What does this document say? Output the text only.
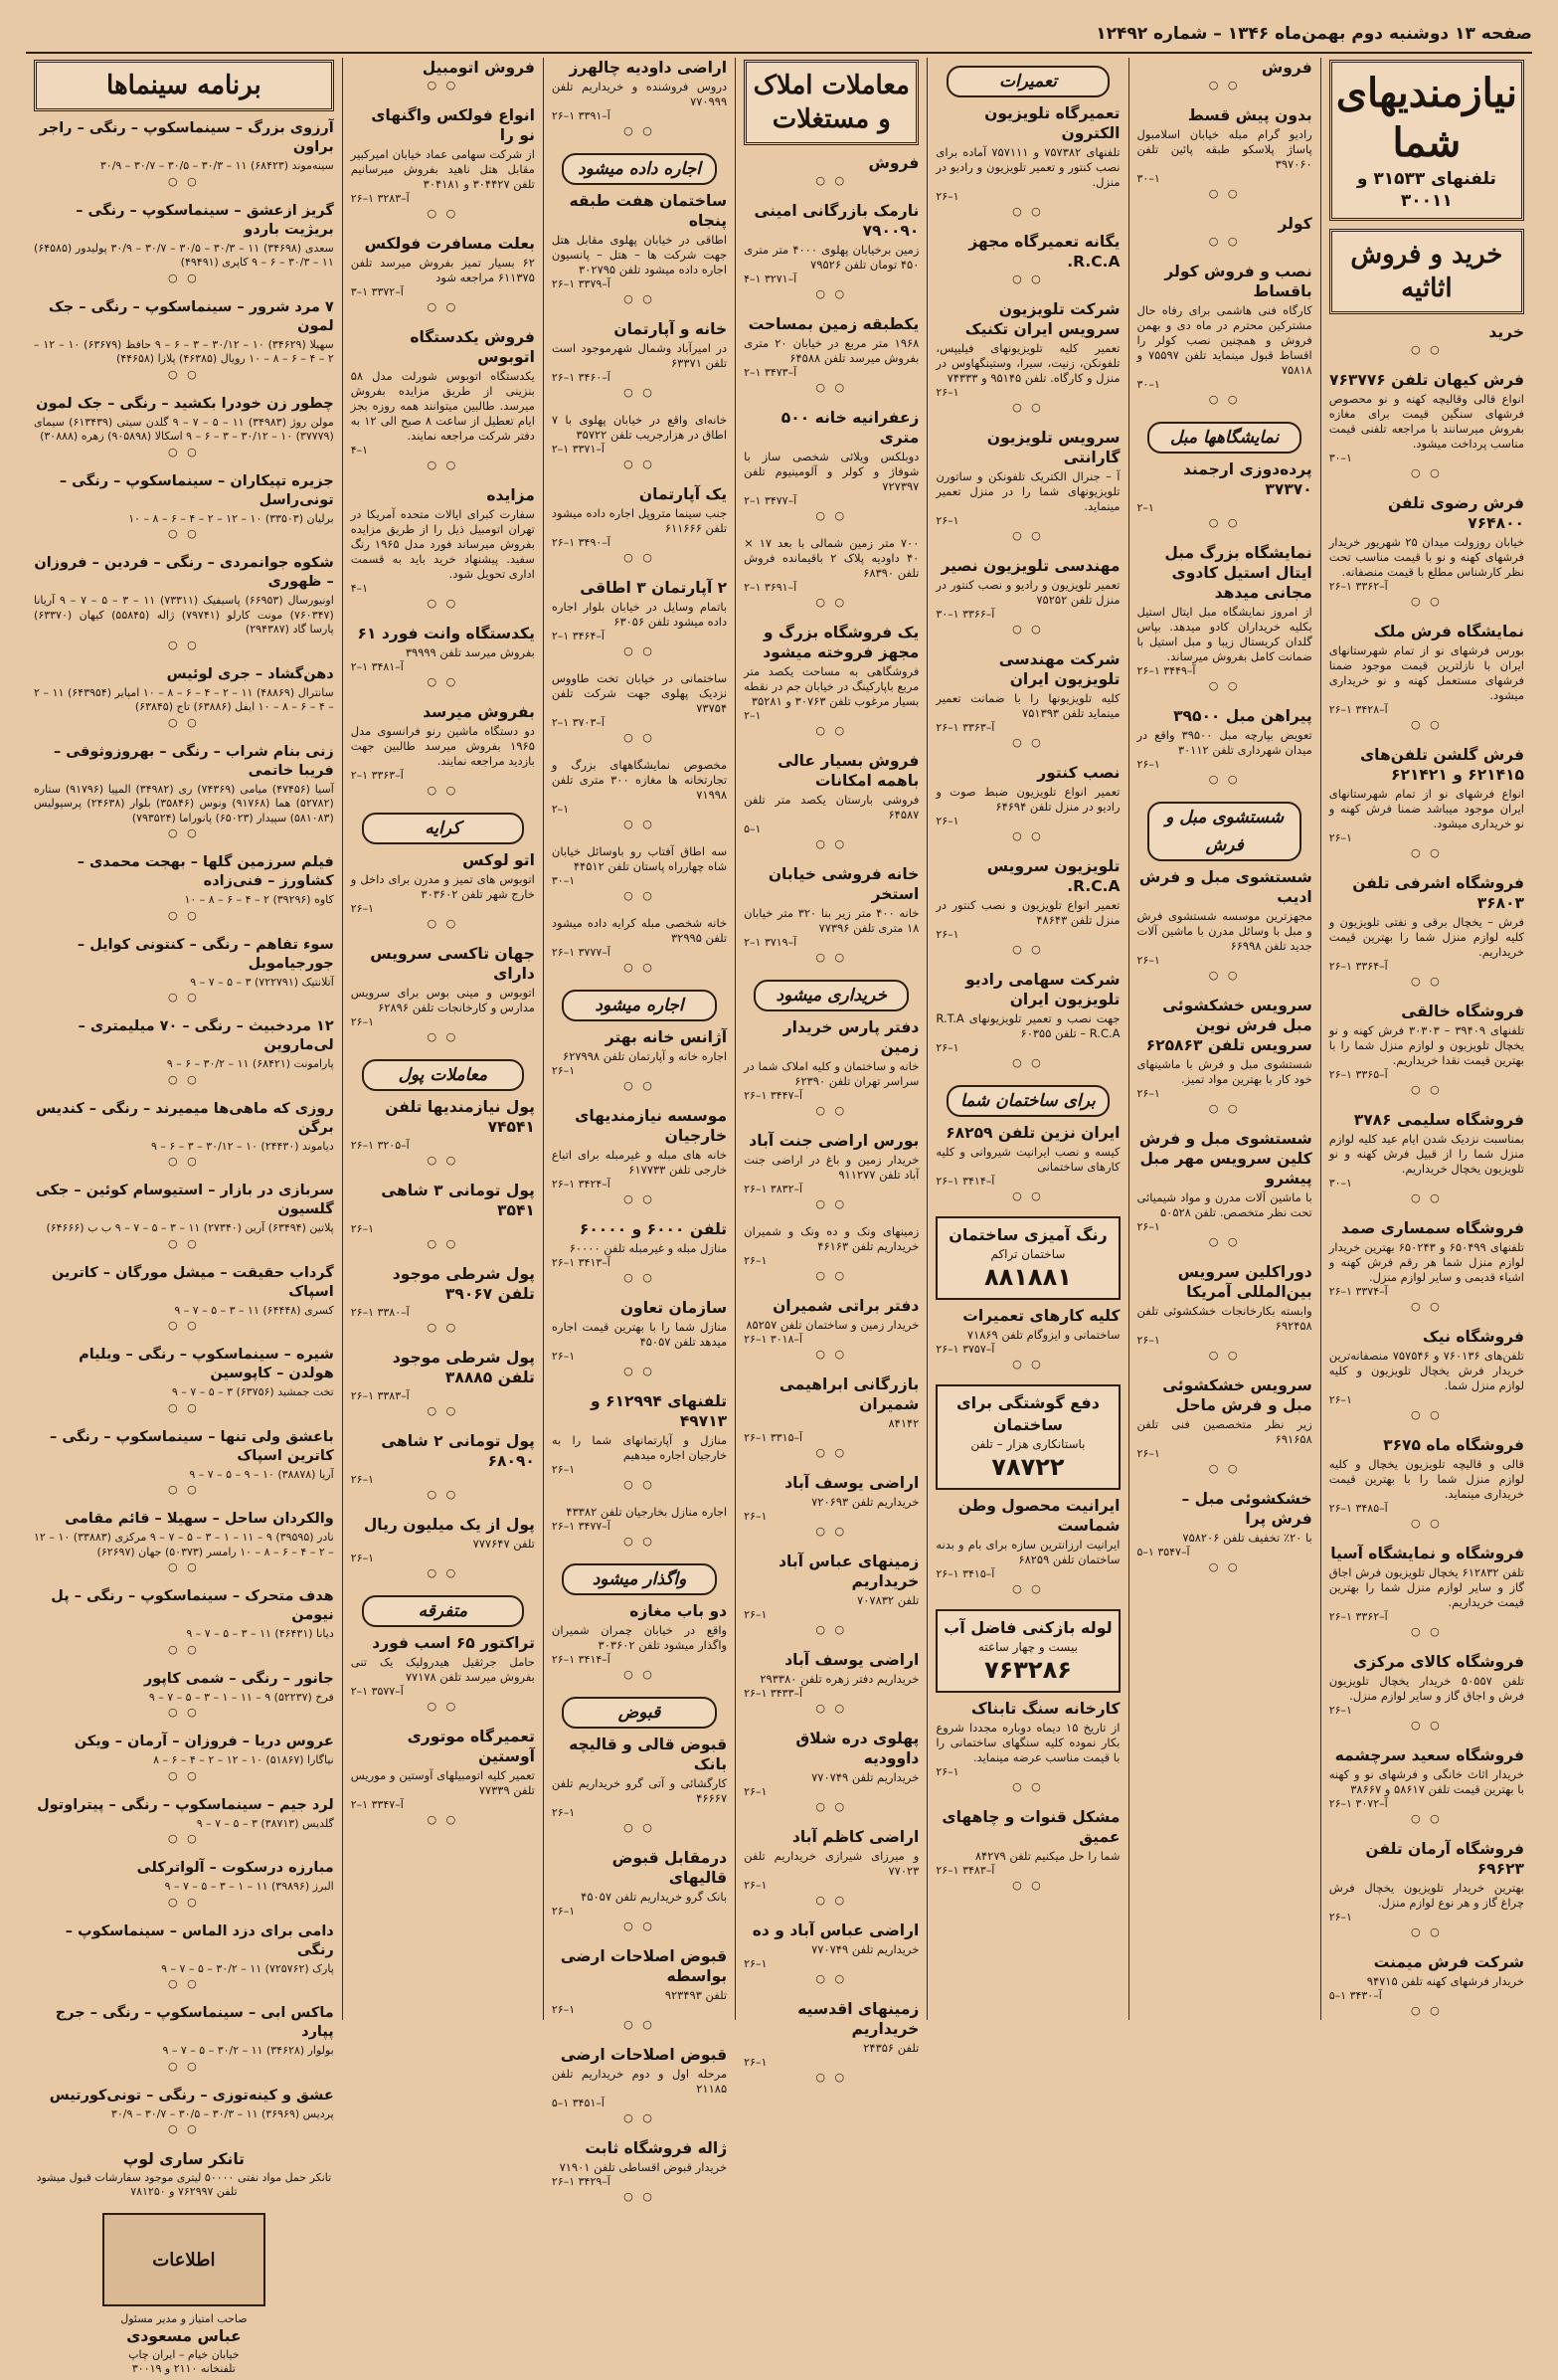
صفحه ۱۳ دوشنبه دوم بهمن‌ماه ۱۳۴۶ – شماره ۱۲۴۹۲
نیازمندیهای شما
تلفنهای ۳۱۵۳۳ و ۳۰۰۱۱
خرید و فروش اثاثیه
خرید
○ ○
فرش کیهان تلفن ۷۶۳۷۷۶

انواع قالی وقالیچه کهنه و نو محصوص فرشهای سنگین قیمت برای مغازه بفروش میرسانند با مراجعه تلفنی قیمت مناسب پرداخت میشود.

۳۰–۱
○ ○
فرش رضوی تلفن ۷۶۴۸۰۰

خیابان روزولت میدان ۲۵ شهریور خریدار فرشهای کهنه و نو با قیمت مناسب تحت نظر کارشناس مطلع با قیمت منصفانه.

۲۶–۱ آ–۳۳۶۲
○ ○
نمایشگاه فرش ملک

بورس فرشهای نو از تمام شهرستانهای ایران با نازلترین قیمت موجود ضمنا فرشهای مستعمل کهنه و نو خریداری میشود.

۲۶–۱ آ–۳۴۲۸
○ ○
فرش گلشن تلفن‌های ۶۲۱۴۱۵ و ۶۲۱۴۲۱

انواع فرشهای نو از تمام شهرستانهای ایران موجود میباشد ضمنا فرش کهنه و نو خریداری میشود.

۲۶–۱
○ ○
فروشگاه اشرفی تلفن ۳۶۸۰۳

فرش – یخچال برقی و نفتی تلویزیون و کلیه لوازم منزل شما را بهترین قیمت خریداریم.

۲۶–۱ آ–۳۳۶۴
○ ○
فروشگاه خالقی

تلفنهای ۳۹۴۰۹ – ۳۰۳۰۳ فرش کهنه و نو یخچال تلویزیون و لوازم منزل شما را با بهترین قیمت نقدا خریداریم.

۲۶–۱ آ–۳۳۶۵
○ ○
فروشگاه سلیمی ۳۷۸۶

بمناسبت نزدیک شدن ایام عید کلیه لوازم منزل شما را از قبیل فرش کهنه و نو تلویزیون یخچال خریداریم.

۳۰–۱
○ ○
فروشگاه سمساری صمد

تلفنهای ۶۵۰۴۹۹ و ۶۵۰۲۴۳ بهترین خریدار لوازم منزل شما هر رقم فرش کهنه و اشیاء قدیمی و سایر لوازم منزل.

۲۶–۱ آ–۳۳۷۴
○ ○
فروشگاه نیک

تلفن‌های ۷۶۰۱۳۶ و ۷۵۷۵۴۶ منصفانه‌ترین خریدار فرش یخچال تلویزیون و کلیه لوازم منزل شما.

۲۶–۱
○ ○
فروشگاه ماه ۳۶۷۵

قالی و قالیچه تلویزیون یخچال و کلیه لوازم منزل شما را با بهترین قیمت خریداری مینماید.

۲۶–۱ آ–۳۴۸۵
○ ○
فروشگاه و نمایشگاه آسیا

تلفن ۶۱۲۸۳۲ یخچال تلویزیون فرش اجاق گاز و سایر لوازم منزل شما را بهترین قیمت خریداریم.

۲۶–۱ آ–۳۳۶۲
○ ○
فروشگاه کالای مرکزی

تلفن ۵۰۵۵۷ خریدار یخچال تلویزیون فرش و اجاق گاز و سایر لوازم منزل.

۲۶–۱
○ ○
فروشگاه سعید سرچشمه

خریدار اثاث خانگی و فرشهای نو و کهنه با بهترین قیمت تلفن ۵۸۶۱۷ و ۳۸۶۶۷

۲۶–۱ آ–۳۰۷۲
○ ○
فروشگاه آرمان تلفن ۶۹۶۲۳

بهترین خریدار تلویزیون یخچال فرش چراغ گاز و هر نوع لوازم منزل.

۲۶–۱
○ ○
شرکت فرش میمنت

خریدار فرشهای کهنه تلفن ۹۴۷۱۵

۵–۱ آ–۳۴۳۰
○ ○
فروش
○ ○
بدون پیش قسط

رادیو گرام مبله خیابان اسلامبول پاساژ پلاسکو طبقه پائین تلفن ۳۹۷۰۶۰

۳۰–۱
○ ○
کولر
○ ○
نصب و فروش کولر باقساط

کارگاه فنی هاشمی برای رفاه حال مشترکین محترم در ماه دی و بهمن فروش و همچنین نصب کولر را اقساط قبول مینماید تلفن ۷۵۵۹۷ و ۷۵۸۱۸

۳۰–۱
○ ○
نمایشگاهها مبل
پرده‌دوزی ارجمند ۳۷۳۷۰
۲–۱
○ ○
نمایشگاه بزرگ مبل ایتال استیل کادوی مجانی میدهد

از امروز نمایشگاه مبل ایتال استیل بکلیه خریداران کادو میدهد. بپاس گلدان کریستال زیبا و مبل استیل با ضمانت کامل بفروش میرساند.

۲۶–۱ آ–۳۴۴۹
○ ○
پیراهن مبل ۳۹۵۰۰

تعویض بپارچه مبل ۳۹۵۰۰ واقع در میدان شهرداری تلفن ۳۰۱۱۲

۲۶–۱
○ ○
شستشوی مبل و فرش
شستشوی مبل و فرش ادیب

مجهزترین موسسه شستشوی فرش و مبل با وسائل مدرن با ماشین آلات جدید تلفن ۶۶۹۹۸

۲۶–۱
○ ○
سرویس خشکشوئی مبل فرش نوین سرویس تلفن ۶۲۵۸۶۳

شستشوی مبل و فرش با ماشینهای خود کار با بهترین مواد تمیز.

۲۶–۱
○ ○
شستشوی مبل و فرش کلین سرویس مهر مبل پیشرو

با ماشین آلات مدرن و مواد شیمیائی تحت نظر متخصص. تلفن ۵۰۵۲۸

۲۶–۱
○ ○
دوراکلین سرویس بین‌المللی آمریکا

وابسته بکارخانجات خشکشوئی تلفن ۶۹۲۴۵۸

۲۶–۱
○ ○
سرویس خشکشوئی مبل و فرش ماحل

زیر نظر متخصصین فنی تلفن ۶۹۱۶۵۸

۲۶–۱
○ ○
خشکشوئی مبل – فرش پرا

با ۲۰٪ تخفیف تلفن ۷۵۸۲۰۶

۵–۱ آ–۳۵۴۷
○ ○
تعمیرات
تعمیرگاه تلویزیون الکترون

تلفنهای ۷۵۷۳۸۲ و ۷۵۷۱۱۱ آماده برای نصب کنتور و تعمیر تلویزیون و رادیو در منزل.

۲۶–۱
○ ○
یگانه تعمیرگاه مجهز R.C.A.
○ ○
شرکت تلویزیون سرویس ایران تکنیک

تعمیر کلیه تلویزیونهای فیلیپس، تلفونکن، زنیت، سیرا، وستینگهاوس در منزل و کارگاه. تلفن ۹۵۱۴۵ و ۷۴۳۳۳

۲۶–۱
○ ○
سرویس تلویزیون گارانتی

آ – جنرال الکتریک تلفونکن و ساتورن تلویزیونهای شما را در منزل تعمیر مینماید.

۲۶–۱
○ ○
مهندسی تلویزیون نصیر

تعمیر تلویزیون و رادیو و نصب کنتور در منزل تلفن ۷۵۲۵۲

۳۰–۱ آ–۳۳۶۶
○ ○
شرکت مهندسی تلویزیون ایران

کلیه تلویزیونها را با ضمانت تعمیر مینماید تلفن ۷۵۱۳۹۳

۲۶–۱ آ–۳۳۶۳
○ ○
نصب کنتور

تعمیر انواع تلویزیون ضبط صوت و رادیو در منزل تلفن ۶۴۶۹۴

۲۶–۱
○ ○
تلویزیون سرویس R.C.A.

تعمیر انواع تلویزیون و نصب کنتور در منزل تلفن ۴۸۶۴۳

۲۶–۱
○ ○
شرکت سهامی رادیو تلویزیون ایران

جهت نصب و تعمیر تلویزیونهای R.T.A – R.C.A تلفن ۶۰۳۵۵

۲۶–۱
○ ○
برای ساختمان شما
ایران نزین تلفن ۶۸۲۵۹

کیسه و نصب ایرانیت شیروانی و کلیه کارهای ساختمانی

۲۶–۱ آ–۳۴۱۴
○ ○
رنگ آمیزی ساختمان
ساختمان تراکم
۸۸۱۸۸۱
کلیه کارهای تعمیرات

ساختمانی و ایزوگام تلفن ۷۱۸۶۹

۲۶–۱ آ–۳۷۵۷
○ ○
دفع گوشتگی برای ساختمان
باستانکاری هزار – تلفن
۷۸۷۲۲
ایرانیت محصول وطن شماست

ایرانیت ارزانترین سازه برای بام و بدنه ساختمان تلفن ۶۸۲۵۹

۲۶–۱ آ–۳۴۱۵
○ ○
لوله بازکنی فاضل آب
بیست و چهار ساعته
۷۶۳۲۸۶
کارخانه سنگ تابناک

از تاریخ ۱۵ دیماه دوباره مجددا شروع بکار نموده کلیه سنگهای ساختمانی را با قیمت مناسب عرضه مینماید.

۲۶–۱
○ ○
مشکل قنوات و چاههای عمیق

شما را حل میکنیم تلفن ۸۴۲۷۹

۲۶–۱ آ–۳۴۸۳
○ ○
معاملات املاک و مستغلات
فروش
○ ○
نارمک بازرگانی امینی ۷۹۰۰۹۰

زمین برخیابان پهلوی ۴۰۰۰ متر متری ۴۵۰ تومان تلفن ۷۹۵۲۶

۴–۱ آ–۳۲۷۱
○ ○
یکطبقه زمین بمساحت

۱۹۶۸ متر مربع در خیابان ۲۰ متری بفروش میرسد تلفن ۶۴۵۸۸

۲–۱ آ–۳۴۷۳
○ ○
زعفرانیه خانه ۵۰۰ متری

دوبلکس ویلائی شخصی ساز با شوفاژ و کولر و آلومینیوم تلفن ۷۲۷۳۹۷

۲–۱ آ–۳۴۷۷
○ ○

۷۰۰ متر زمین شمالی با بعد ۱۷ × ۴۰ داودیه پلاک ۲ باقیمانده فروش تلفن ۶۸۳۹۰

۲–۱ آ–۳۶۹۱
○ ○
یک فروشگاه بزرگ و مجهز فروخته میشود

فروشگاهی به مساحت یکصد متر مربع باپارکینگ در خیابان جم در نقطه بسیار مرغوب تلفن ۳۰۷۶۳ و ۳۵۲۸۱

۲–۱
○ ○
فروش بسیار عالی باهمه امکانات

فروشی بارستان یکصد متر تلفن ۶۴۵۸۷

۵–۱
○ ○
خانه فروشی خیابان استخر

خانه ۴۰۰ متر زیر بنا ۳۲۰ متر خیابان ۱۸ متری تلفن ۷۷۳۹۶

۲–۱ آ–۳۷۱۹
○ ○
خریداری میشود
دفتر پارس خریدار زمین

خانه و ساختمان و کلیه املاک شما در سراسر تهران تلفن ۶۲۳۹۰

۲۶–۱ آ–۳۴۴۷
○ ○
بورس اراضی جنت آباد

خریدار زمین و باغ در اراضی جنت آباد تلفن ۹۱۱۲۷۷

۲۶–۱ آ–۳۸۳۲
○ ○

زمینهای ونک و ده ونک و شمیران خریداریم تلفن ۴۶۱۶۳

۲۶–۱
○ ○
دفتر براتی شمیران

خریدار زمین و ساختمان تلفن ۸۵۲۵۷

۲۶–۱ آ–۳۰۱۸
○ ○
بازرگانی ابراهیمی شمیران

۸۴۱۴۲

۲۶–۱ آ–۳۳۱۵
○ ○
اراضی یوسف آباد

خریداریم تلفن ۷۲۰۶۹۳

۲۶–۱
○ ○
زمینهای عباس آباد خریداریم

تلفن ۷۰۷۸۳۲

۲۶–۱
○ ○
اراضی یوسف آباد

خریداریم دفتر زهره تلفن ۲۹۳۳۸۰

۲۶–۱ آ–۳۴۳۳
○ ○
پهلوی دره شلاق داوودیه

خریداریم تلفن ۷۷۰۷۴۹

۲۶–۱
○ ○
اراضی کاظم آباد

و میرزای شیرازی خریداریم تلفن ۷۷۰۲۳

۲۶–۱
○ ○
اراضی عباس آباد و ده

خریداریم تلفن ۷۷۰۷۴۹

۲۶–۱
○ ○
زمینهای اقدسیه خریداریم

تلفن ۲۴۳۵۶

۲۶–۱
○ ○
اراضی داودیه چالهرز

دروس فروشنده و خریداریم تلفن ۷۷۰۹۹۹

۲۶–۱ آ–۳۳۹۱
○ ○
اجاره داده میشود
ساختمان هفت طبقه پنجاه

اطاقی در خیابان پهلوی مقابل هتل جهت شرکت ها – هتل – پانسیون اجاره داده میشود تلفن ۳۰۲۷۹۵

۲۶–۱ آ–۳۳۷۹
○ ○
خانه و آپارتمان

در امیرآباد وشمال شهرموجود است تلفن ۶۳۳۷۱

۲۶–۱ آ–۳۴۶۰
○ ○

خانه‌ای واقع در خیابان پهلوی با ۷ اطاق در هزارجریب تلفن ۳۵۷۲۲

۲–۱ آ–۳۳۷۱
○ ○
یک آپارتمان

جنب سینما متروپل اجاره داده میشود تلفن ۶۱۱۶۶۶

۲۶–۱ آ–۳۴۹۰
○ ○
۲ آپارتمان ۳ اطاقی

باتمام وسایل در خیابان بلوار اجاره داده میشود تلفن ۶۳۰۵۶

۲–۱ آ–۳۴۶۴
○ ○

ساختمانی در خیابان تخت طاووس نزدیک پهلوی جهت شرکت تلفن ۷۳۷۵۴

۲–۱ آ–۳۷۰۳
○ ○

مخصوص نمایشگاههای بزرگ و تجارتخانه ها مغازه ۳۰۰ متری تلفن ۷۱۹۹۸

۲–۱
○ ○

سه اطاق آفتاب رو باوسائل خیابان شاه چهارراه پاستان تلفن ۴۴۵۱۲

۳۰–۱
○ ○

خانه شخصی مبله کرایه داده میشود تلفن ۳۲۹۹۵

۲۶–۱ آ–۳۷۷۷
○ ○
اجاره میشود
آژانس خانه بهتر

اجاره خانه و آپارتمان تلفن ۶۲۷۹۹۸

۲۶–۱
○ ○
موسسه نیازمندیهای خارجیان

خانه های مبله و غیرمبله برای اتباع خارجی تلفن ۶۱۷۷۳۳

۲۶–۱ آ–۳۴۲۴
○ ○
تلفن ۶۰۰۰ و ۶۰۰۰۰

منازل مبله و غیرمبله تلفن ۶۰۰۰۰

۲۶–۱ آ–۳۴۱۳
○ ○
سازمان تعاون

منازل شما را با بهترین قیمت اجاره میدهد تلفن ۴۵۰۵۷

۲۶–۱
○ ○
تلفنهای ۶۱۲۹۹۴ و ۴۹۷۱۳

منازل و آپارتمانهای شما را به خارجیان اجاره میدهیم

۲۶–۱
○ ○

اجاره منازل بخارجیان تلفن ۴۳۳۸۲

۲۶–۱ آ–۳۴۷۷
○ ○
واگذار میشود
دو باب مغازه

واقع در خیابان چمران شمیران واگذار میشود تلفن ۳۰۳۶۰۲

۲۶–۱ آ–۳۴۱۴
○ ○
قبوض
قبوض قالی و قالیچه بانک

کارگشائی و آتی گرو خریداریم تلفن ۴۶۶۶۷

۲۶–۱
○ ○
درمقابل قبوض قالیهای

بانک گرو خریداریم تلفن ۴۵۰۵۷

۲۶–۱
○ ○
قبوض اصلاحات ارضی بواسطه

تلفن ۹۲۳۴۹۳

۲۶–۱
○ ○
قبوض اصلاحات ارضی

مرحله اول و دوم خریداریم تلفن ۲۱۱۸۵

۵–۱ آ–۳۴۵۱
○ ○
ژاله فروشگاه ثابت

خریدار قبوض اقساطی تلفن ۷۱۹۰۱

۲۶–۱ آ–۳۴۲۹
○ ○
فروش اتومبیل
○ ○
انواع فولکس واگنهای نو را

از شرکت سهامی عماد خیابان امیرکبیر مقابل هتل ناهید بفروش میرسانیم تلفن ۳۰۴۴۲۷ و ۳۰۴۱۸۱

۲۶–۱ آ–۳۲۸۳
○ ○
بعلت مسافرت فولکس

۶۲ بسیار تمیز بفروش میرسد تلفن ۶۱۱۳۷۵ مراجعه شود

۳–۱ آ–۳۳۷۲
○ ○
فروش یکدستگاه اتوبوس

یکدستگاه اتوبوس شورلت مدل ۵۸ بنزینی از طریق مزایده بفروش میرسد. طالبین میتوانند همه روزه بجز ایام تعطیل از ساعت ۸ صبح الی ۱۲ به دفتر شرکت مراجعه نمایند.

۴–۱
○ ○
مزایده

سفارت کبرای ایالات متحده آمریکا در تهران اتومبیل ذیل را از طریق مزایده بفروش میرساند فورد مدل ۱۹۶۵ رنگ سفید. پیشنهاد خرید باید به قسمت اداری تحویل شود.

۴–۱
○ ○
یکدستگاه وانت فورد ۶۱

بفروش میرسد تلفن ۳۹۹۹۹

۲–۱ آ–۳۴۸۱
○ ○
بفروش میرسد

دو دستگاه ماشین رنو فرانسوی مدل ۱۹۶۵ بفروش میرسد طالبین جهت بازدید مراجعه نمایند.

۲–۱ آ–۳۳۶۳
○ ○
کرایه
اتو لوکس

اتوبوس های تمیز و مدرن برای داخل و خارج شهر تلفن ۳۰۳۶۰۲

۲۶–۱
○ ○
جهان تاکسی سرویس دارای

اتوبوس و مینی بوس برای سرویس مدارس و کارخانجات تلفن ۶۲۸۹۶

۲۶–۱
○ ○
معاملات پول
پول نیازمندیها تلفن ۷۴۵۴۱
۲۶–۱ آ–۳۲۰۵
○ ○
پول تومانی ۳ شاهی ۳۵۴۱
۲۶–۱
○ ○
پول شرطی موجود تلفن ۳۹۰۶۷
۲۶–۱ آ–۳۳۸۰
○ ○
پول شرطی موجود تلفن ۳۸۸۸۵
۲۶–۱ آ–۳۳۸۳
○ ○
پول تومانی ۲ شاهی ۶۸۰۹۰
۲۶–۱
○ ○
پول از یک میلیون ریال

تلفن ۷۷۷۶۴۷

۲۶–۱
○ ○
متفرقه
تراکتور ۶۵ اسب فورد

حامل جرثقیل هیدرولیک یک تنی بفروش میرسد تلفن ۷۷۱۷۸

۲–۱ آ–۳۵۷۷
○ ○
تعمیرگاه موتوری آوستین

تعمیر کلیه اتومبیلهای آوستین و موریس تلفن ۷۷۳۳۹

۲–۱ آ–۳۳۴۷
○ ○
برنامه سینماها
آرزوی بزرگ – سینماسکوپ – رنگی – راجر براون

سینه‌موند (۶۸۴۲۳) ۱۱ – ۳۰/۳ – ۳۰/۵ – ۳۰/۷ – ۳۰/۹

○ ○
گریز ازعشق – سینماسکوپ – رنگی – بریژیت باردو

سعدی (۳۴۶۹۸) ۱۱ – ۳۰/۳ – ۳۰/۵ – ۳۰/۷ – ۳۰/۹ پولیدور (۶۴۵۸۵) ۱۱ – ۳۰/۳ – ۶ – ۹ کاپری (۴۹۴۹۱)

○ ○
۷ مرد شرور – سینماسکوپ – رنگی – جک لمون

سهیلا (۳۴۶۲۹) ۱۰ – ۳۰/۱۲ – ۳ – ۶ – ۹ حافظ (۶۳۶۷۹) ۱۰ – ۱۲ – ۲ – ۴ – ۶ – ۸ – ۱۰ رویال (۴۶۳۸۵) پلازا (۴۴۶۵۸)

○ ○
چطور زن خودرا بکشید – رنگی – جک لمون

مولن روژ (۳۴۹۸۳) ۱۱ – ۵ – ۷ – ۹ گلدن سیتی (۶۱۳۴۳۹) سیمای (۳۷۷۷۹) ۱۰ – ۳۰/۱۲ – ۳ – ۶ – ۹ اسکالا (۹۰۵۸۹۸) زهره (۳۰۸۸۸)

○ ○
جزیره تپیکاران – سینماسکوپ – رنگی – تونی‌راسل

برلیان (۳۳۵۰۳) ۱۰ – ۱۲ – ۲ – ۴ – ۶ – ۸ – ۱۰

○ ○
شکوه جوانمردی – رنگی – فردین – فروزان – ظهوری

اونیورسال (۶۶۹۵۳) پاسیفیک (۷۳۳۱۱) ۱۱ – ۳ – ۵ – ۷ – ۹ آریانا (۷۶۰۳۴۷) مونت کارلو (۷۹۷۴۱) ژاله (۵۵۸۴۵) کیهان (۶۳۳۷۰) پارسا گاد (۲۹۴۳۸۷)

○ ○
دهن‌گشاد – جری لوئیس

سانترال (۴۸۸۶۹) ۱۱ – ۲ – ۴ – ۶ – ۸ – ۱۰ امپایر (۶۴۳۹۵۴) ۱۱ – ۲ – ۴ – ۶ – ۸ – ۱۰ ایفل (۶۳۸۸۶) تاج (۶۳۸۴۵)

○ ○
زنی بنام شراب – رنگی – بهروزوثوقی – فریبا خاتمی

آسیا (۴۷۴۵۶) میامی (۷۴۳۶۹) ری (۳۴۹۸۲) المپیا (۹۱۷۹۶) ستاره (۵۲۷۸۲) هما (۹۱۷۶۸) ونوس (۳۵۸۴۶) بلوار (۲۴۶۳۸) پرسپولیس (۵۸۱۰۸۳) سپیدار (۶۵۰۲۳) پانوراما (۷۹۳۵۲۴)

○ ○
فیلم سرزمین گلها – بهجت محمدی – کشاورز – فنی‌زاده

کاوه (۳۹۲۹۶) ۲ – ۴ – ۶ – ۸ – ۱۰

○ ○
سوء تفاهم – رنگی – کنتونی کوایل – جورجیاموبل

آتلانتیک (۷۲۲۷۹۱) ۳ – ۵ – ۷ – ۹

○ ○
۱۲ مردخبیث – رنگی – ۷۰ میلیمتری – لی‌ماروین

پارامونت (۶۸۴۲۱) ۱۱ – ۳۰/۲ – ۶ – ۹

○ ○
روزی که ماهی‌ها میمیرند – رنگی – کندیس برگن

دیاموند (۲۴۴۳۰) ۱۰ – ۳۰/۱۲ – ۳ – ۶ – ۹

○ ○
سربازی در بازار – استیوسام کوئین – جکی گلسیون

پلاتین (۶۳۴۹۴) آرین (۲۷۳۴۰) ۱۱ – ۳ – ۵ – ۷ – ۹ ب ب (۶۴۶۶۶)

○ ○
گرداب حقیقت – میشل مورگان – کاترین اسپاک

کسری (۶۴۴۴۸) ۱۱ – ۳ – ۵ – ۷ – ۹

○ ○
شیره – سینماسکوپ – رنگی – ویلیام هولدن – کاپوسین

تخت جمشید (۶۳۷۵۶) ۳ – ۵ – ۷ – ۹

○ ○
باعشق ولی تنها – سینماسکوپ – رنگی – کاترین اسپاک

آریا (۳۸۸۷۸) ۱۰ – ۹ – ۵ – ۷ – ۹

○ ○
والکردان ساحل – سهیلا – قائم مقامی

نادر (۳۹۵۹۵) ۹ – ۱۱ – ۱ – ۳ – ۵ – ۷ – ۹ مرکزی (۳۳۸۸۳) ۱۰ – ۱۲ – ۲ – ۴ – ۶ – ۸ – ۱۰ رامسر (۵۰۳۷۳) جهان (۶۲۶۹۷)

○ ○
هدف متحرک – سینماسکوپ – رنگی – پل نیومن

دیانا (۴۶۴۳۱) ۱۱ – ۳ – ۵ – ۷ – ۹

○ ○
جانور – رنگی – شمی کاپور

فرخ (۵۲۲۳۷) ۹ – ۱۱ – ۱ – ۳ – ۵ – ۷ – ۹

○ ○
عروس دریا – فروزان – آرمان – ویکن

نیاگارا (۵۱۸۶۷) ۱۰ – ۱۲ – ۲ – ۴ – ۶ – ۸

○ ○
لرد جیم – سینماسکوپ – رنگی – پیتراوتول

گلدیس (۳۸۷۱۳) ۳ – ۵ – ۷ – ۹

○ ○
مبارزه درسکوت – آلواترکلی

البرز (۳۹۸۹۶) ۱۱ – ۱ – ۳ – ۵ – ۷ – ۹

○ ○
دامی برای دزد الماس – سینماسکوپ – رنگی

پارک (۷۲۵۷۶۲) ۱۱ – ۳۰/۲ – ۵ – ۷ – ۹

○ ○
ماکس ابی – سینماسکوپ – رنگی – جرج پپارد

بولوار (۳۴۶۲۸) ۱۱ – ۳۰/۲ – ۵ – ۷ – ۹

○ ○
عشق و کینه‌توزی – رنگی – تونی‌کورتیس

پردیس (۳۶۹۶۹) ۱۱ – ۳۰/۳ – ۳۰/۵ – ۳۰/۷ – ۳۰/۹

○ ○
تانکر ساری لوپ

تانکر حمل مواد نفتی ۵۰۰۰۰ لیتری موجود سفارشات قبول میشود تلفن ۷۶۲۹۹۷ و ۷۸۱۲۵۰

اطلاعات

صاحب امتیاز و مدیر مسئول

عباس مسعودی

خیابان خیام – ایران چاپ

تلفنخانه ۲۱۱۰ و ۳۰۰۱۹
